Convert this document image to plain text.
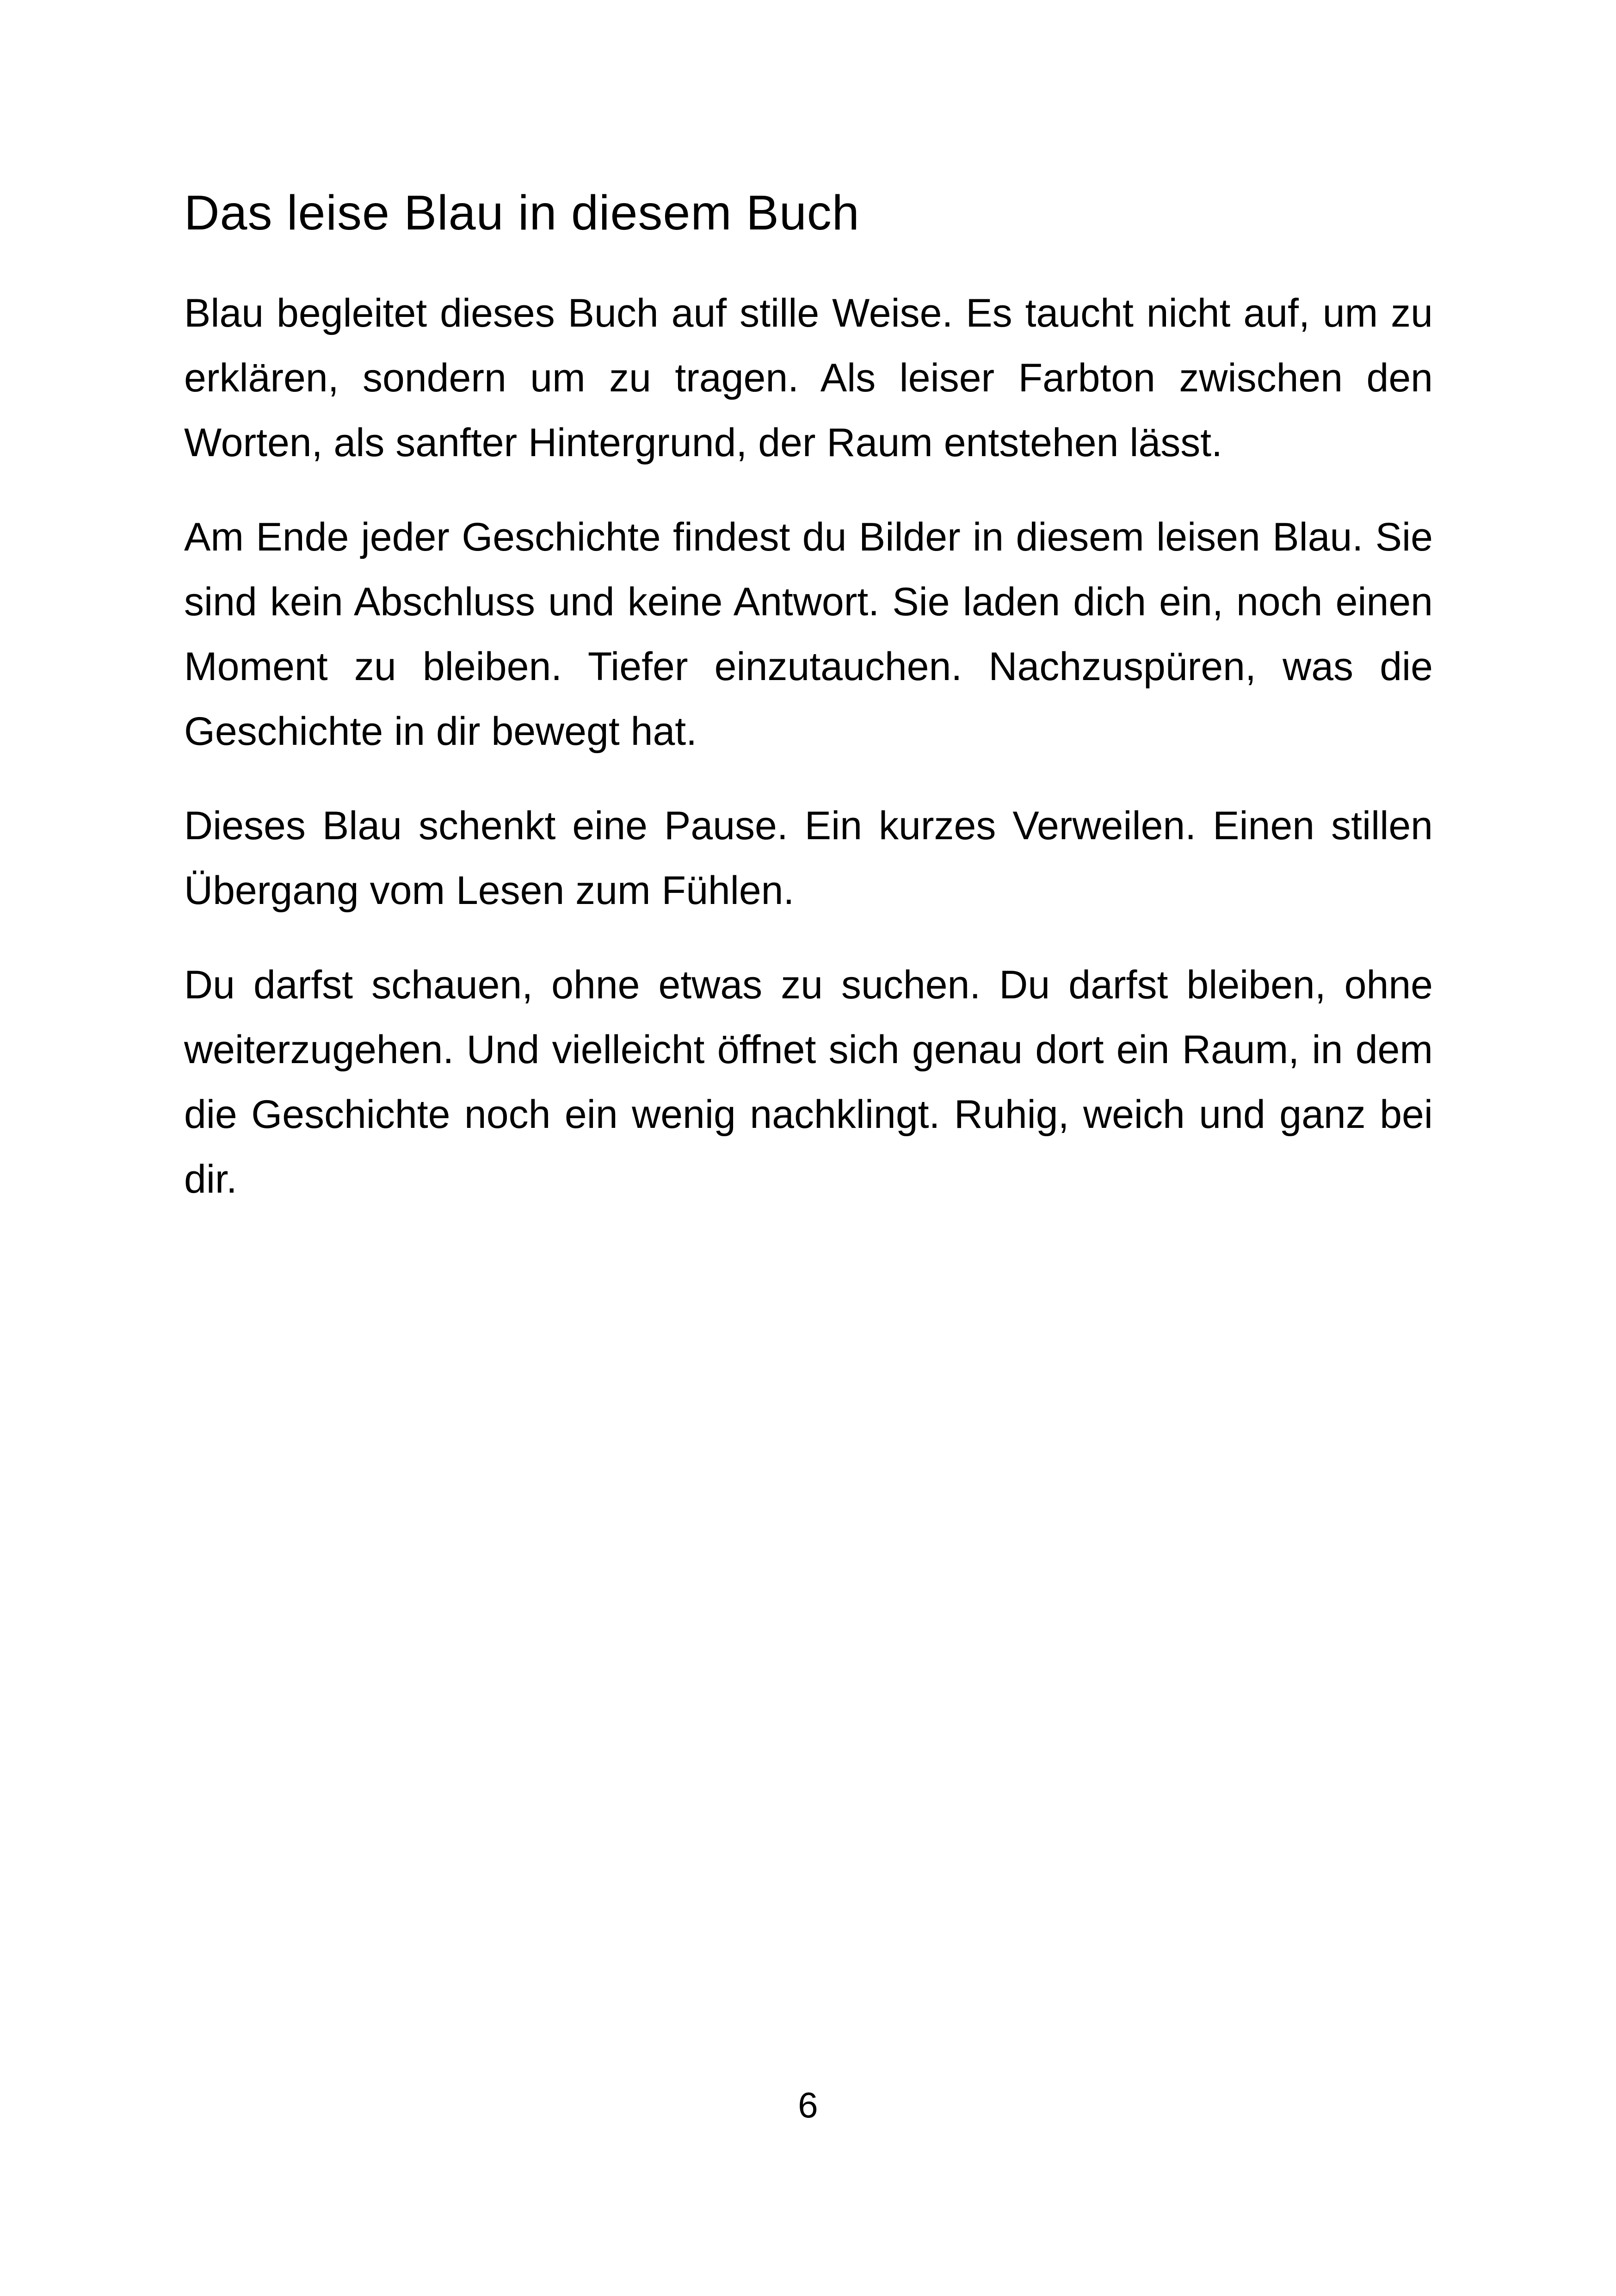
Das leise Blau in diesem Buch

Blau begleitet dieses Buch auf stille Weise. Es taucht nicht auf, um zu erklären, sondern um zu tragen. Als leiser Farbton zwischen den Worten, als sanfter Hintergrund, der Raum entstehen lässt.

Am Ende jeder Geschichte findest du Bilder in diesem leisen Blau. Sie sind kein Abschluss und keine Antwort. Sie laden dich ein, noch einen Moment zu bleiben. Tiefer einzutauchen. Nachzuspüren, was die Geschichte in dir bewegt hat.

Dieses Blau schenkt eine Pause. Ein kurzes Verweilen. Einen stillen Übergang vom Lesen zum Fühlen.

Du darfst schauen, ohne etwas zu suchen. Du darfst bleiben, ohne weiterzugehen. Und vielleicht öffnet sich genau dort ein Raum, in dem die Geschichte noch ein wenig nachklingt. Ruhig, weich und ganz bei dir.

6
